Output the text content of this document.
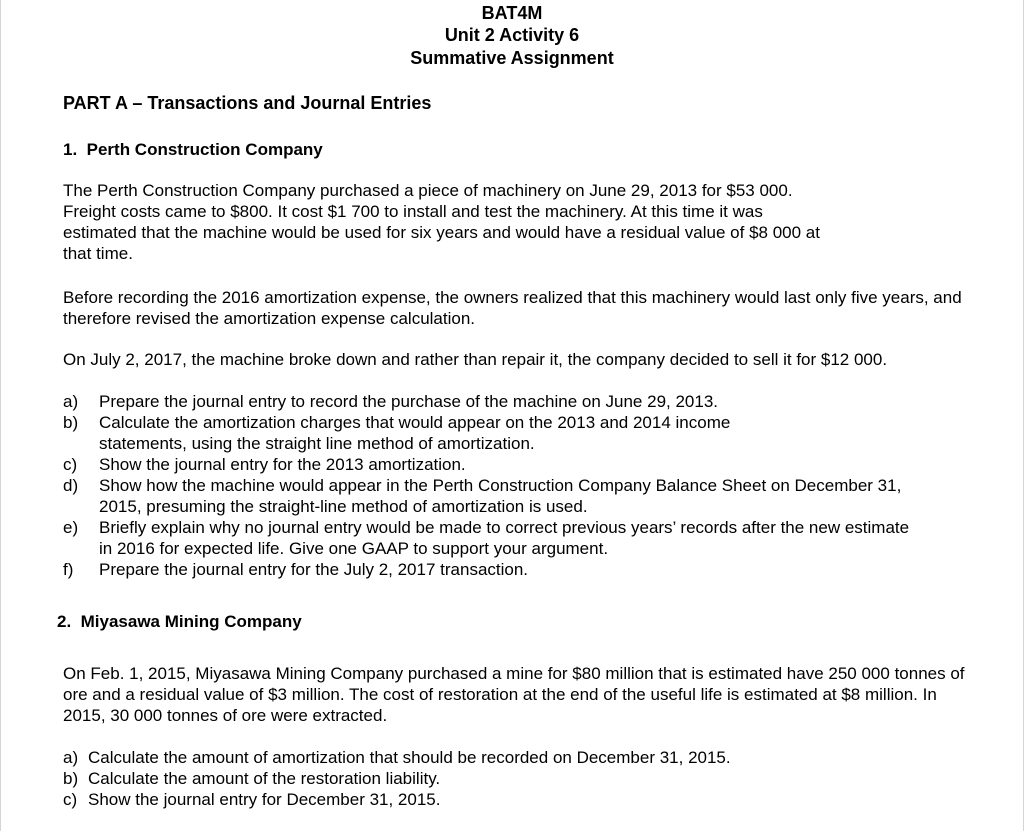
BAT4M
Unit 2 Activity 6
Summative Assignment
PART A – Transactions and Journal Entries
1.  Perth Construction Company
The Perth Construction Company purchased a piece of machinery on June 29, 2013 for $53 000. Freight costs came to $800. It cost $1 700 to install and test the machinery. At this time it was estimated that the machine would be used for six years and would have a residual value of $8 000 at that time.
Before recording the 2016 amortization expense, the owners realized that this machinery would last only five years, and therefore revised the amortization expense calculation.
On July 2, 2017, the machine broke down and rather than repair it, the company decided to sell it for $12 000.
a)	Prepare the journal entry to record the purchase of the machine on June 29, 2013.
b)	Calculate the amortization charges that would appear on the 2013 and 2014 income statements, using the straight line method of amortization.
c)	Show the journal entry for the 2013 amortization.
d)	Show how the machine would appear in the Perth Construction Company Balance Sheet on December 31, 2015, presuming the straight-line method of amortization is used.
e)	Briefly explain why no journal entry would be made to correct previous years’ records after the new estimate in 2016 for expected life. Give one GAAP to support your argument.
f)	Prepare the journal entry for the July 2, 2017 transaction.
2.  Miyasawa Mining Company
On Feb. 1, 2015, Miyasawa Mining Company purchased a mine for $80 million that is estimated have 250 000 tonnes of ore and a residual value of $3 million. The cost of restoration at the end of the useful life is estimated at $8 million. In 2015, 30 000 tonnes of ore were extracted.
a) Calculate the amount of amortization that should be recorded on December 31, 2015.
b) Calculate the amount of the restoration liability.
c) Show the journal entry for December 31, 2015.
